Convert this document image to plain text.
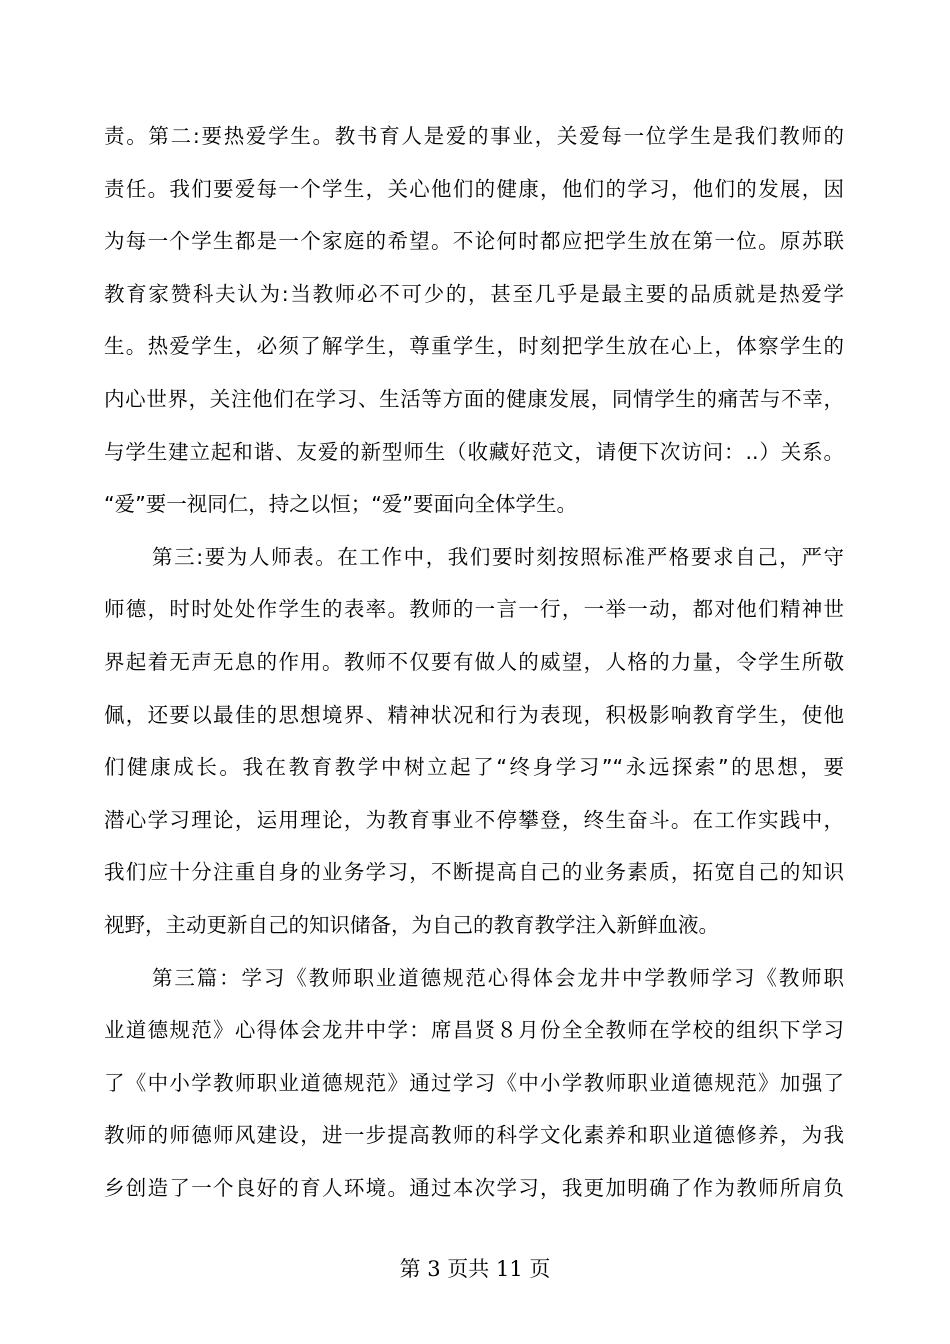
责。第二:要热爱学生。教书育人是爱的事业，关爱每一位学生是我们教师的
责任。我们要爱每一个学生，关心他们的健康，他们的学习，他们的发展，因
为每一个学生都是一个家庭的希望。不论何时都应把学生放在第一位。原苏联
教育家赞科夫认为:当教师必不可少的，甚至几乎是最主要的品质就是热爱学
生。热爱学生，必须了解学生，尊重学生，时刻把学生放在心上，体察学生的
内心世界，关注他们在学习、生活等方面的健康发展，同情学生的痛苦与不幸，
与学生建立起和谐、友爱的新型师生（收藏好范文，请便下次访问：..）关系。
“爱”要一视同仁，持之以恒；“爱”要面向全体学生。
第三:要为人师表。在工作中，我们要时刻按照标准严格要求自己，严守
师德，时时处处作学生的表率。教师的一言一行，一举一动，都对他们精神世
界起着无声无息的作用。教师不仅要有做人的威望，人格的力量，令学生所敬
佩，还要以最佳的思想境界、精神状况和行为表现，积极影响教育学生，使他
们健康成长。我在教育教学中树立起了“终身学习”“永远探索”的思想，要
潜心学习理论，运用理论，为教育事业不停攀登，终生奋斗。在工作实践中，
我们应十分注重自身的业务学习，不断提高自己的业务素质，拓宽自己的知识
视野，主动更新自己的知识储备，为自己的教育教学注入新鲜血液。
第三篇：学习《教师职业道德规范心得体会龙井中学教师学习《教师职
业道德规范》心得体会龙井中学：席昌贤８月份全全教师在学校的组织下学习
了《中小学教师职业道德规范》通过学习《中小学教师职业道德规范》加强了
教师的师德师风建设，进一步提高教师的科学文化素养和职业道德修养，为我
乡创造了一个良好的育人环境。通过本次学习，我更加明确了作为教师所肩负
第 3 页共 11 页
